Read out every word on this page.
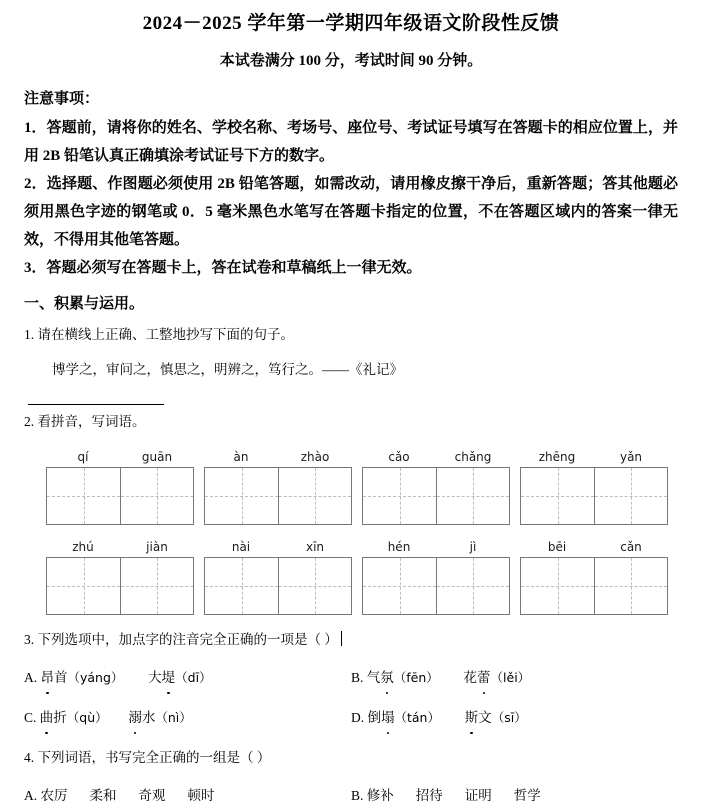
2024－2025 学年第一学期四年级语文阶段性反馈
本试卷满分 100 分，考试时间 90 分钟。
注意事项：

1．答题前，请将你的姓名、学校名称、考场号、座位号、考试证号填写在答题卡的相应位置上，并用 2B 铅笔认真正确填涂考试证号下方的数字。

2．选择题、作图题必须使用 2B 铅笔答题，如需改动，请用橡皮擦干净后，重新答题；答其他题必须用黑色字迹的钢笔或 0．5 毫米黑色水笔写在答题卡指定的位置，不在答题区域内的答案一律无效，不得用其他笔答题。

3．答题必须写在答题卡上，答在试卷和草稿纸上一律无效。

一、积累与运用。
1. 请在横线上正确、工整地抄写下面的句子。
博学之，审问之，慎思之，明辨之，笃行之。——《礼记》
2. 看拼音，写词语。
qí	guān	àn	zhào	cǎo	chǎng	zhēng	yǎn
zhú	jiàn	nài	xīn	hén	jì	bēi	cǎn
3. 下列选项中，加点字的注音完全正确的一项是（ ）
A. 昂首（yáng） 大堤（dī）	B. 气氛（fēn） 花蕾（lěi）
C. 曲折（qù） 溺水（nì）	D. 倒塌（tán） 斯文（sī）
4. 下列词语，书写完全正确的一组是（ ）
A. 农厉 柔和 奇观 顿时	B. 修补 招待 证明 哲学
